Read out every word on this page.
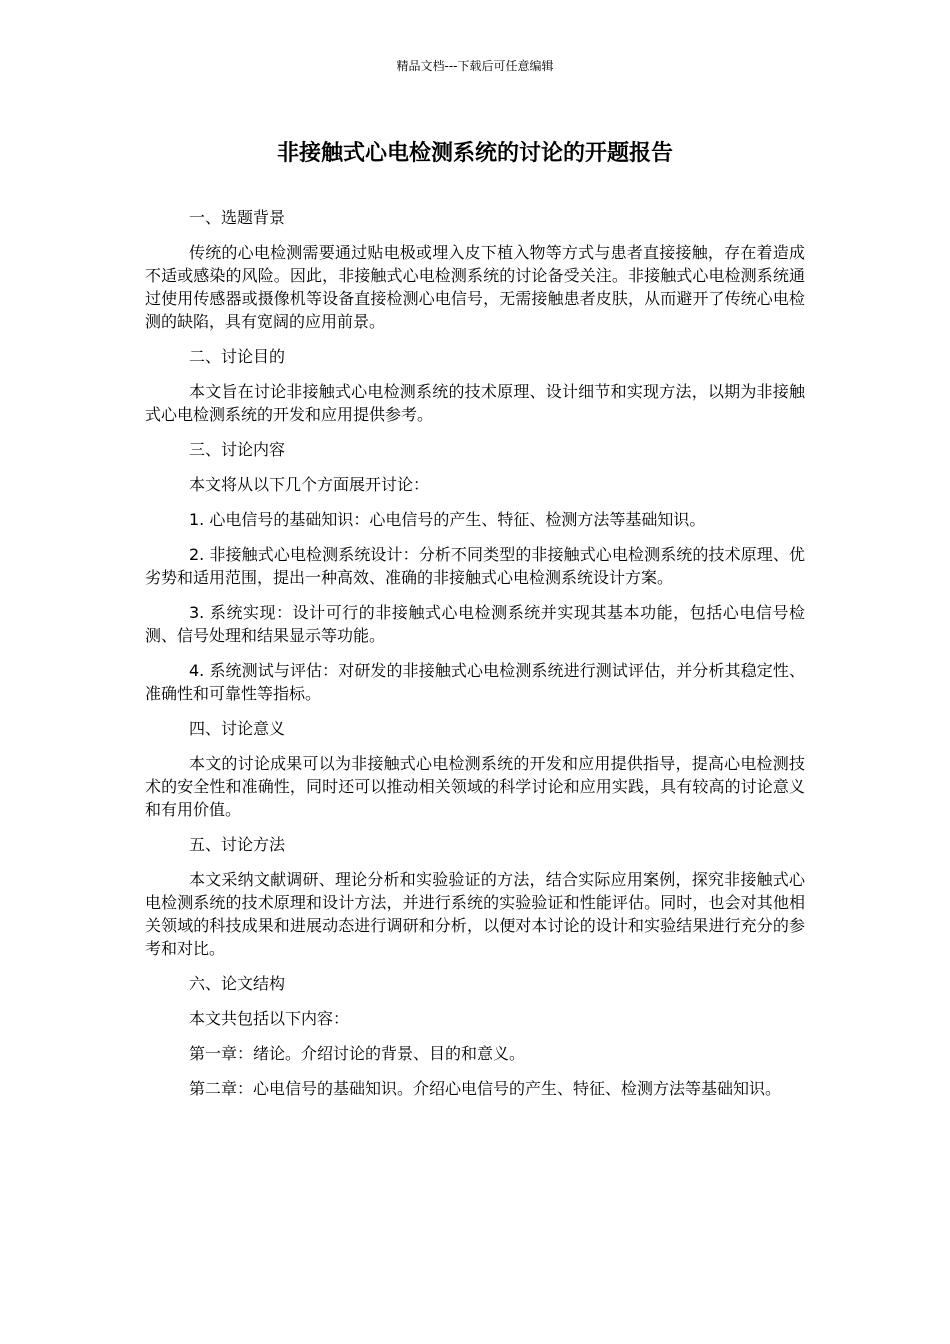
精品文档---下载后可任意编辑
非接触式心电检测系统的讨论的开题报告

一、选题背景

传统的心电检测需要通过贴电极或埋入皮下植入物等方式与患者直接接触，存在着造成不适或感染的风险。因此，非接触式心电检测系统的讨论备受关注。非接触式心电检测系统通过使用传感器或摄像机等设备直接检测心电信号，无需接触患者皮肤，从而避开了传统心电检测的缺陷，具有宽阔的应用前景。

二、讨论目的

本文旨在讨论非接触式心电检测系统的技术原理、设计细节和实现方法，以期为非接触式心电检测系统的开发和应用提供参考。

三、讨论内容

本文将从以下几个方面展开讨论：

1. 心电信号的基础知识：心电信号的产生、特征、检测方法等基础知识。

2. 非接触式心电检测系统设计：分析不同类型的非接触式心电检测系统的技术原理、优劣势和适用范围，提出一种高效、准确的非接触式心电检测系统设计方案。

3. 系统实现：设计可行的非接触式心电检测系统并实现其基本功能，包括心电信号检测、信号处理和结果显示等功能。

4. 系统测试与评估：对研发的非接触式心电检测系统进行测试评估，并分析其稳定性、准确性和可靠性等指标。

四、讨论意义

本文的讨论成果可以为非接触式心电检测系统的开发和应用提供指导，提高心电检测技术的安全性和准确性，同时还可以推动相关领域的科学讨论和应用实践，具有较高的讨论意义和有用价值。

五、讨论方法

本文采纳文献调研、理论分析和实验验证的方法，结合实际应用案例，探究非接触式心电检测系统的技术原理和设计方法，并进行系统的实验验证和性能评估。同时，也会对其他相关领域的科技成果和进展动态进行调研和分析，以便对本讨论的设计和实验结果进行充分的参考和对比。

六、论文结构

本文共包括以下内容：

第一章：绪论。介绍讨论的背景、目的和意义。

第二章：心电信号的基础知识。介绍心电信号的产生、特征、检测方法等基础知识。
